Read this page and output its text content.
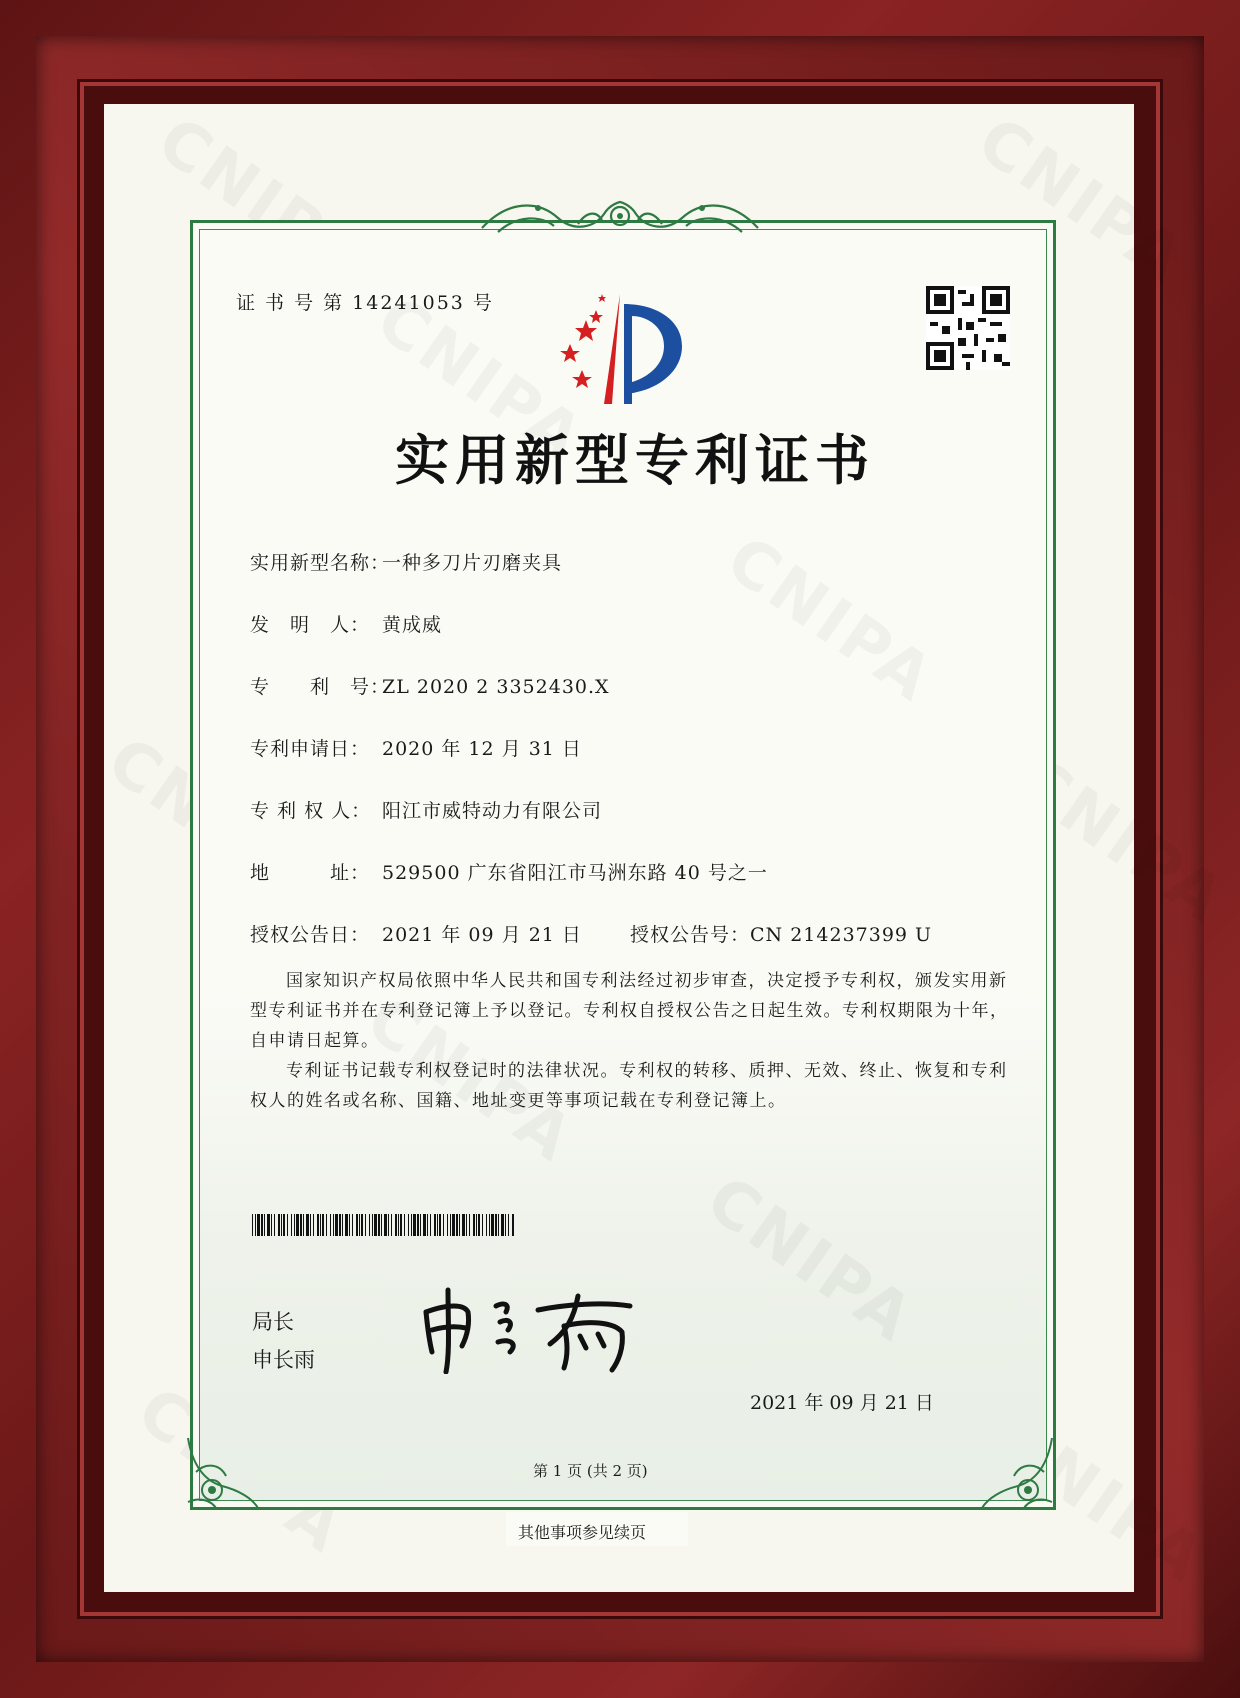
证 书 号 第 14241053 号
实用新型专利证书
实用新型名称：一种多刀片刃磨夹具
发　明　人： 黄成威
专　　利　号：ZL 2020 2 3352430.X
专利申请日： 2020 年 12 月 31 日
专 利 权 人： 阳江市威特动力有限公司
地　　　址： 529500 广东省阳江市马洲东路 40 号之一
授权公告日： 2021 年 09 月 21 日	授权公告号：CN 214237399 U
国家知识产权局依照中华人民共和国专利法经过初步审查，决定授予专利权，颁发实用新型专利证书并在专利登记簿上予以登记。专利权自授权公告之日起生效。专利权期限为十年，自申请日起算。
专利证书记载专利权登记时的法律状况。专利权的转移、质押、无效、终止、恢复和专利权人的姓名或名称、国籍、地址变更等事项记载在专利登记簿上。
局长
申长雨
2021 年 09 月 21 日
第 1 页 (共 2 页)
其他事项参见续页
